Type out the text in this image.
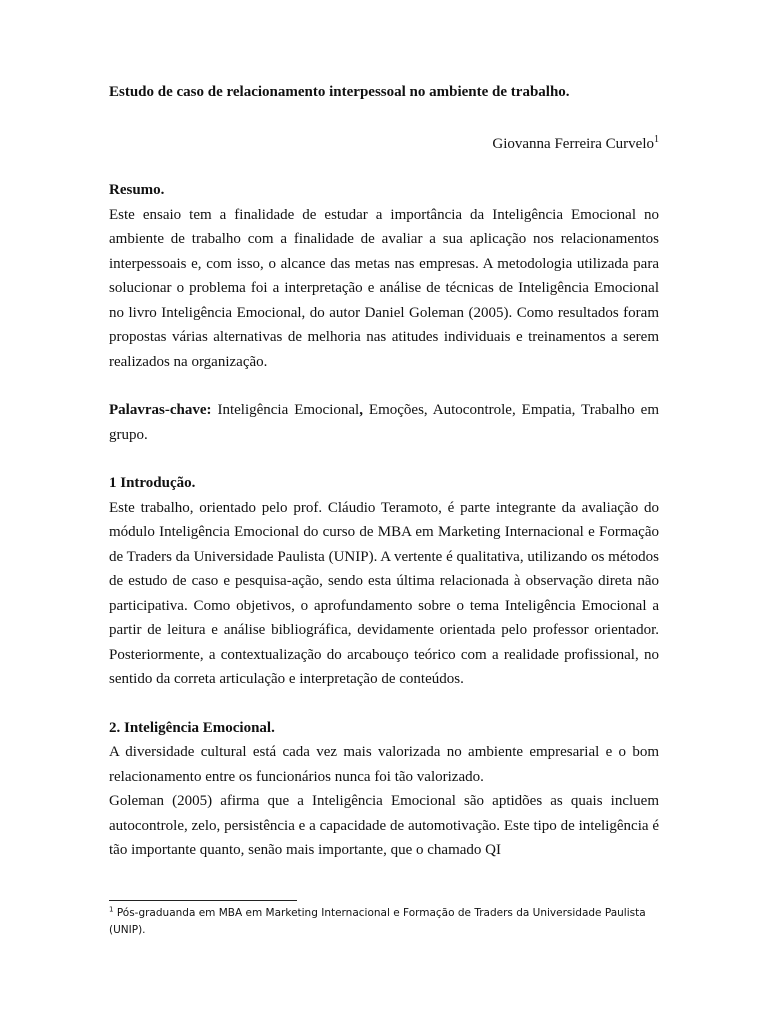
Estudo de caso de relacionamento interpessoal no ambiente de trabalho.

Giovanna Ferreira Curvelo$^1$

Resumo.

Este ensaio tem a finalidade de estudar a importância da Inteligência Emocional no ambiente de trabalho com a finalidade de avaliar a sua aplicação nos relacionamentos interpessoais e, com isso, o alcance das metas nas empresas. A metodologia utilizada para solucionar o problema foi a interpretação e análise de técnicas de Inteligência Emocional no livro Inteligência Emocional, do autor Daniel Goleman (2005). Como resultados foram propostas várias alternativas de melhoria nas atitudes individuais e treinamentos a serem realizados na organização.

Palavras-chave: Inteligência Emocional, Emoções, Autocontrole, Empatia, Trabalho em grupo.

1 Introdução.

Este trabalho, orientado pelo prof. Cláudio Teramoto, é parte integrante da avaliação do módulo Inteligência Emocional do curso de MBA em Marketing Internacional e Formação de Traders da Universidade Paulista (UNIP). A vertente é qualitativa, utilizando os métodos de estudo de caso e pesquisa-ação, sendo esta última relacionada à observação direta não participativa. Como objetivos, o aprofundamento sobre o tema Inteligência Emocional a partir de leitura e análise bibliográfica, devidamente orientada pelo professor orientador. Posteriormente, a contextualização do arcabouço teórico com a realidade profissional, no sentido da correta articulação e interpretação de conteúdos.

2. Inteligência Emocional.

A diversidade cultural está cada vez mais valorizada no ambiente empresarial e o bom relacionamento entre os funcionários nunca foi tão valorizado.

Goleman (2005) afirma que a Inteligência Emocional são aptidões as quais incluem autocontrole, zelo, persistência e a capacidade de automotivação. Este tipo de inteligência é tão importante quanto, senão mais importante, que o chamado QI

$^1$ Pós-graduanda em MBA em Marketing Internacional e Formação de Traders da Universidade Paulista (UNIP).
